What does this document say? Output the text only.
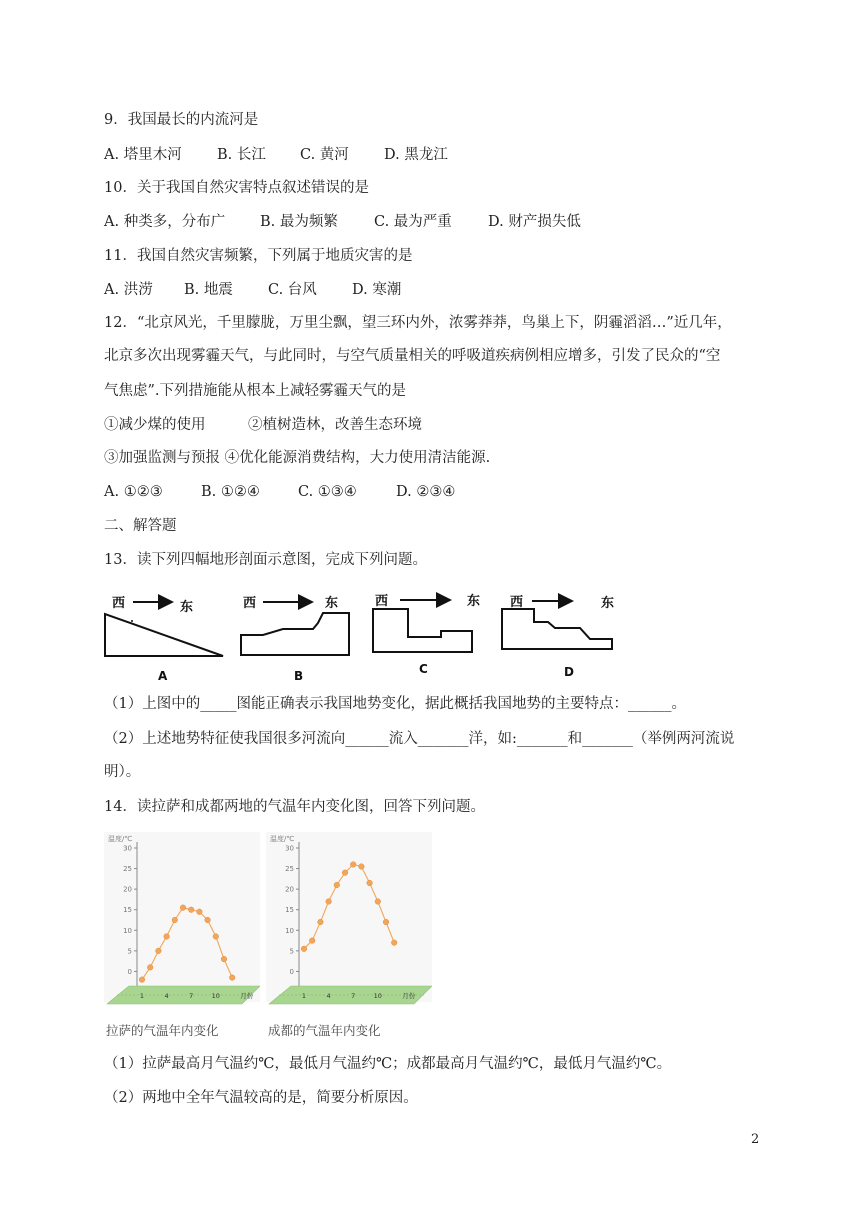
9．我国最长的内流河是
A. 塔里木河 B. 长江 C. 黄河 D. 黑龙江
10．关于我国自然灾害特点叙述错误的是
A. 种类多，分布广 B. 最为频繁 C. 最为严重 D. 财产损失低
11．我国自然灾害频繁，下列属于地质灾害的是
A. 洪涝 B. 地震 C. 台风 D. 寒潮
12．“北京风光，千里朦胧，万里尘飘，望三环内外，浓雾莽莽，鸟巢上下，阴霾滔滔…”近几年，
北京多次出现雾霾天气，与此同时，与空气质量相关的呼吸道疾病例相应增多，引发了民众的“空
气焦虑”.下列措施能从根本上减轻雾霾天气的是
①减少煤的使用	②植树造林，改善生态环境
③加强监测与预报 ④优化能源消费结构，大力使用清洁能源.
A. ①②③	B. ①②④	C. ①③④	D. ②③④
二、解答题
13．读下列四幅地形剖面示意图，完成下列问题。
西	东
A
西	东
B
西	东
C
西	东
D
（1）上图中的_____图能正确表示我国地势变化，据此概括我国地势的主要特点：______。
（2）上述地势特征使我国很多河流向______流入_______洋，如:_______和_______（举例两河流说
明）。
14．读拉萨和成都两地的气温年内变化图，回答下列问题。
温度/℃
0
5
10
15
20
25
30
1	4	7	10	月份
拉萨的气温年内变化
温度/℃
0
5
10
15
20
25
30
1	4	7	10	月份
成都的气温年内变化
（1）拉萨最高月气温约℃，最低月气温约℃；成都最高月气温约℃，最低月气温约℃。
（2）两地中全年气温较高的是，简要分析原因。
2
